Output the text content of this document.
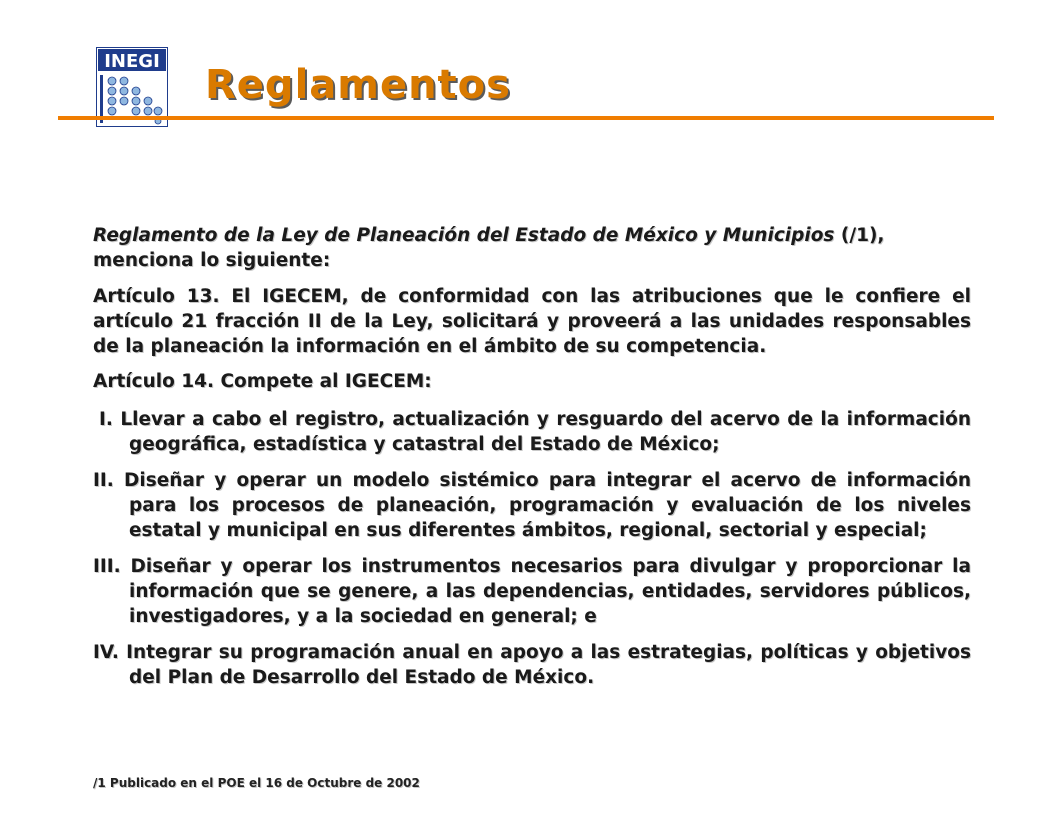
INEGI
Reglamentos

Reglamento de la Ley de Planeación del Estado de México y Municipios (/1), menciona lo siguiente:

Artículo 13. El IGECEM, de conformidad con las atribuciones que le confiere el artículo 21 fracción II de la Ley, solicitará y proveerá a las unidades responsables de la planeación la información en el ámbito de su competencia.

Artículo 14. Compete al IGECEM:

I. Llevar a cabo el registro, actualización y resguardo del acervo de la información geográfica, estadística y catastral del Estado de México;

II. Diseñar y operar un modelo sistémico para integrar el acervo de información para los procesos de planeación, programación y evaluación de los niveles estatal y municipal en sus diferentes ámbitos, regional, sectorial y especial;

III. Diseñar y operar los instrumentos necesarios para divulgar y proporcionar la información que se genere, a las dependencias, entidades, servidores públicos, investigadores, y a la sociedad en general; e

IV. Integrar su programación anual en apoyo a las estrategias, políticas y objetivos del Plan de Desarrollo del Estado de México.

/1 Publicado en el POE el 16 de Octubre de 2002
